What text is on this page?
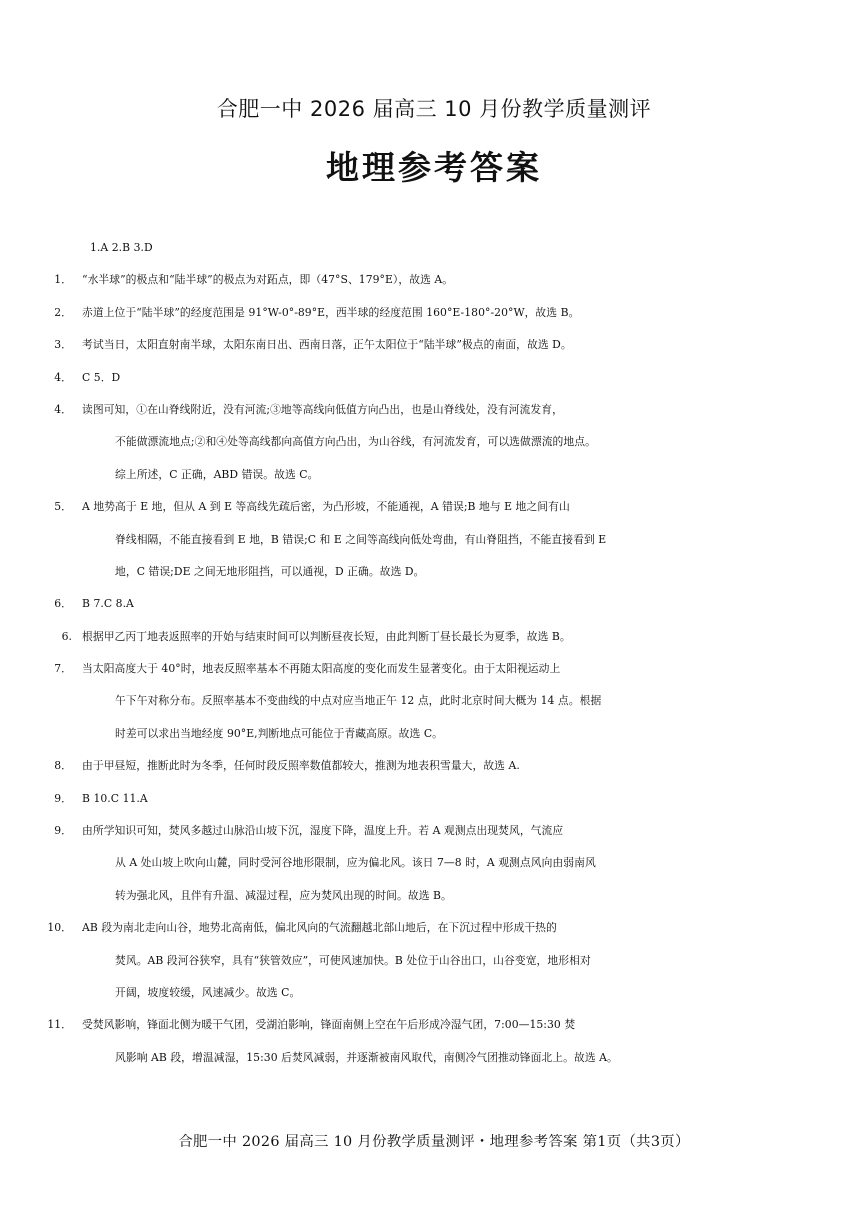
合肥一中 2026 届高三 10 月份教学质量测评
地理参考答案
1.A 2.B 3.D
1． “水半球”的极点和“陆半球”的极点为对跖点，即（47°S、179°E），故选 A。
2． 赤道上位于“陆半球”的经度范围是 91°W-0°-89°E，西半球的经度范围 160°E-180°-20°W，故选 B。
3． 考试当日，太阳直射南半球，太阳东南日出、西南日落，正午太阳位于“陆半球”极点的南面，故选 D。
4． C 5．D
4． 读图可知，①在山脊线附近，没有河流;③地等高线向低值方向凸出，也是山脊线处，没有河流发育，
不能做漂流地点;②和④处等高线都向高值方向凸出，为山谷线，有河流发育，可以选做漂流的地点。
综上所述，C 正确，ABD 错误。故选 C。
5． A 地势高于 E 地，但从 A 到 E 等高线先疏后密，为凸形坡，不能通视，A 错误;B 地与 E 地之间有山
脊线相隔，不能直接看到 E 地，B 错误;C 和 E 之间等高线向低处弯曲，有山脊阻挡，不能直接看到 E
地，C 错误;DE 之间无地形阻挡，可以通视，D 正确。故选 D。
6． B 7.C 8.A
6. 根据甲乙丙丁地表返照率的开始与结束时间可以判断昼夜长短，由此判断丁昼长最长为夏季，故选 B。
7． 当太阳高度大于 40°时，地表反照率基本不再随太阳高度的变化而发生显著变化。由于太阳视运动上
午下午对称分布。反照率基本不变曲线的中点对应当地正午 12 点，此时北京时间大概为 14 点。根据
时差可以求出当地经度 90°E,判断地点可能位于青藏高原。故选 C。
8． 由于甲昼短，推断此时为冬季，任何时段反照率数值都较大，推测为地表积雪量大，故选 A.
9． B 10.C 11.A
9． 由所学知识可知，焚风多越过山脉沿山坡下沉，湿度下降，温度上升。若 A 观测点出现焚风，气流应
从 A 处山坡上吹向山麓，同时受河谷地形限制，应为偏北风。该日 7—8 时，A 观测点风向由弱南风
转为强北风，且伴有升温、减湿过程，应为焚风出现的时间。故选 B。
10． AB 段为南北走向山谷，地势北高南低，偏北风向的气流翻越北部山地后，在下沉过程中形成干热的
焚风。AB 段河谷狭窄，具有“狭管效应”，可使风速加快。B 处位于山谷出口，山谷变宽，地形相对
开阔，坡度较缓，风速减少。故选 C。
11． 受焚风影响，锋面北侧为暖干气团，受湖泊影响，锋面南侧上空在午后形成冷湿气团，7:00—15:30 焚
风影响 AB 段，增温减湿，15:30 后焚风减弱，并逐渐被南风取代，南侧冷气团推动锋面北上。故选 A。
合肥一中 2026 届高三 10 月份教学质量测评・地理参考答案 第1页（共3页）
